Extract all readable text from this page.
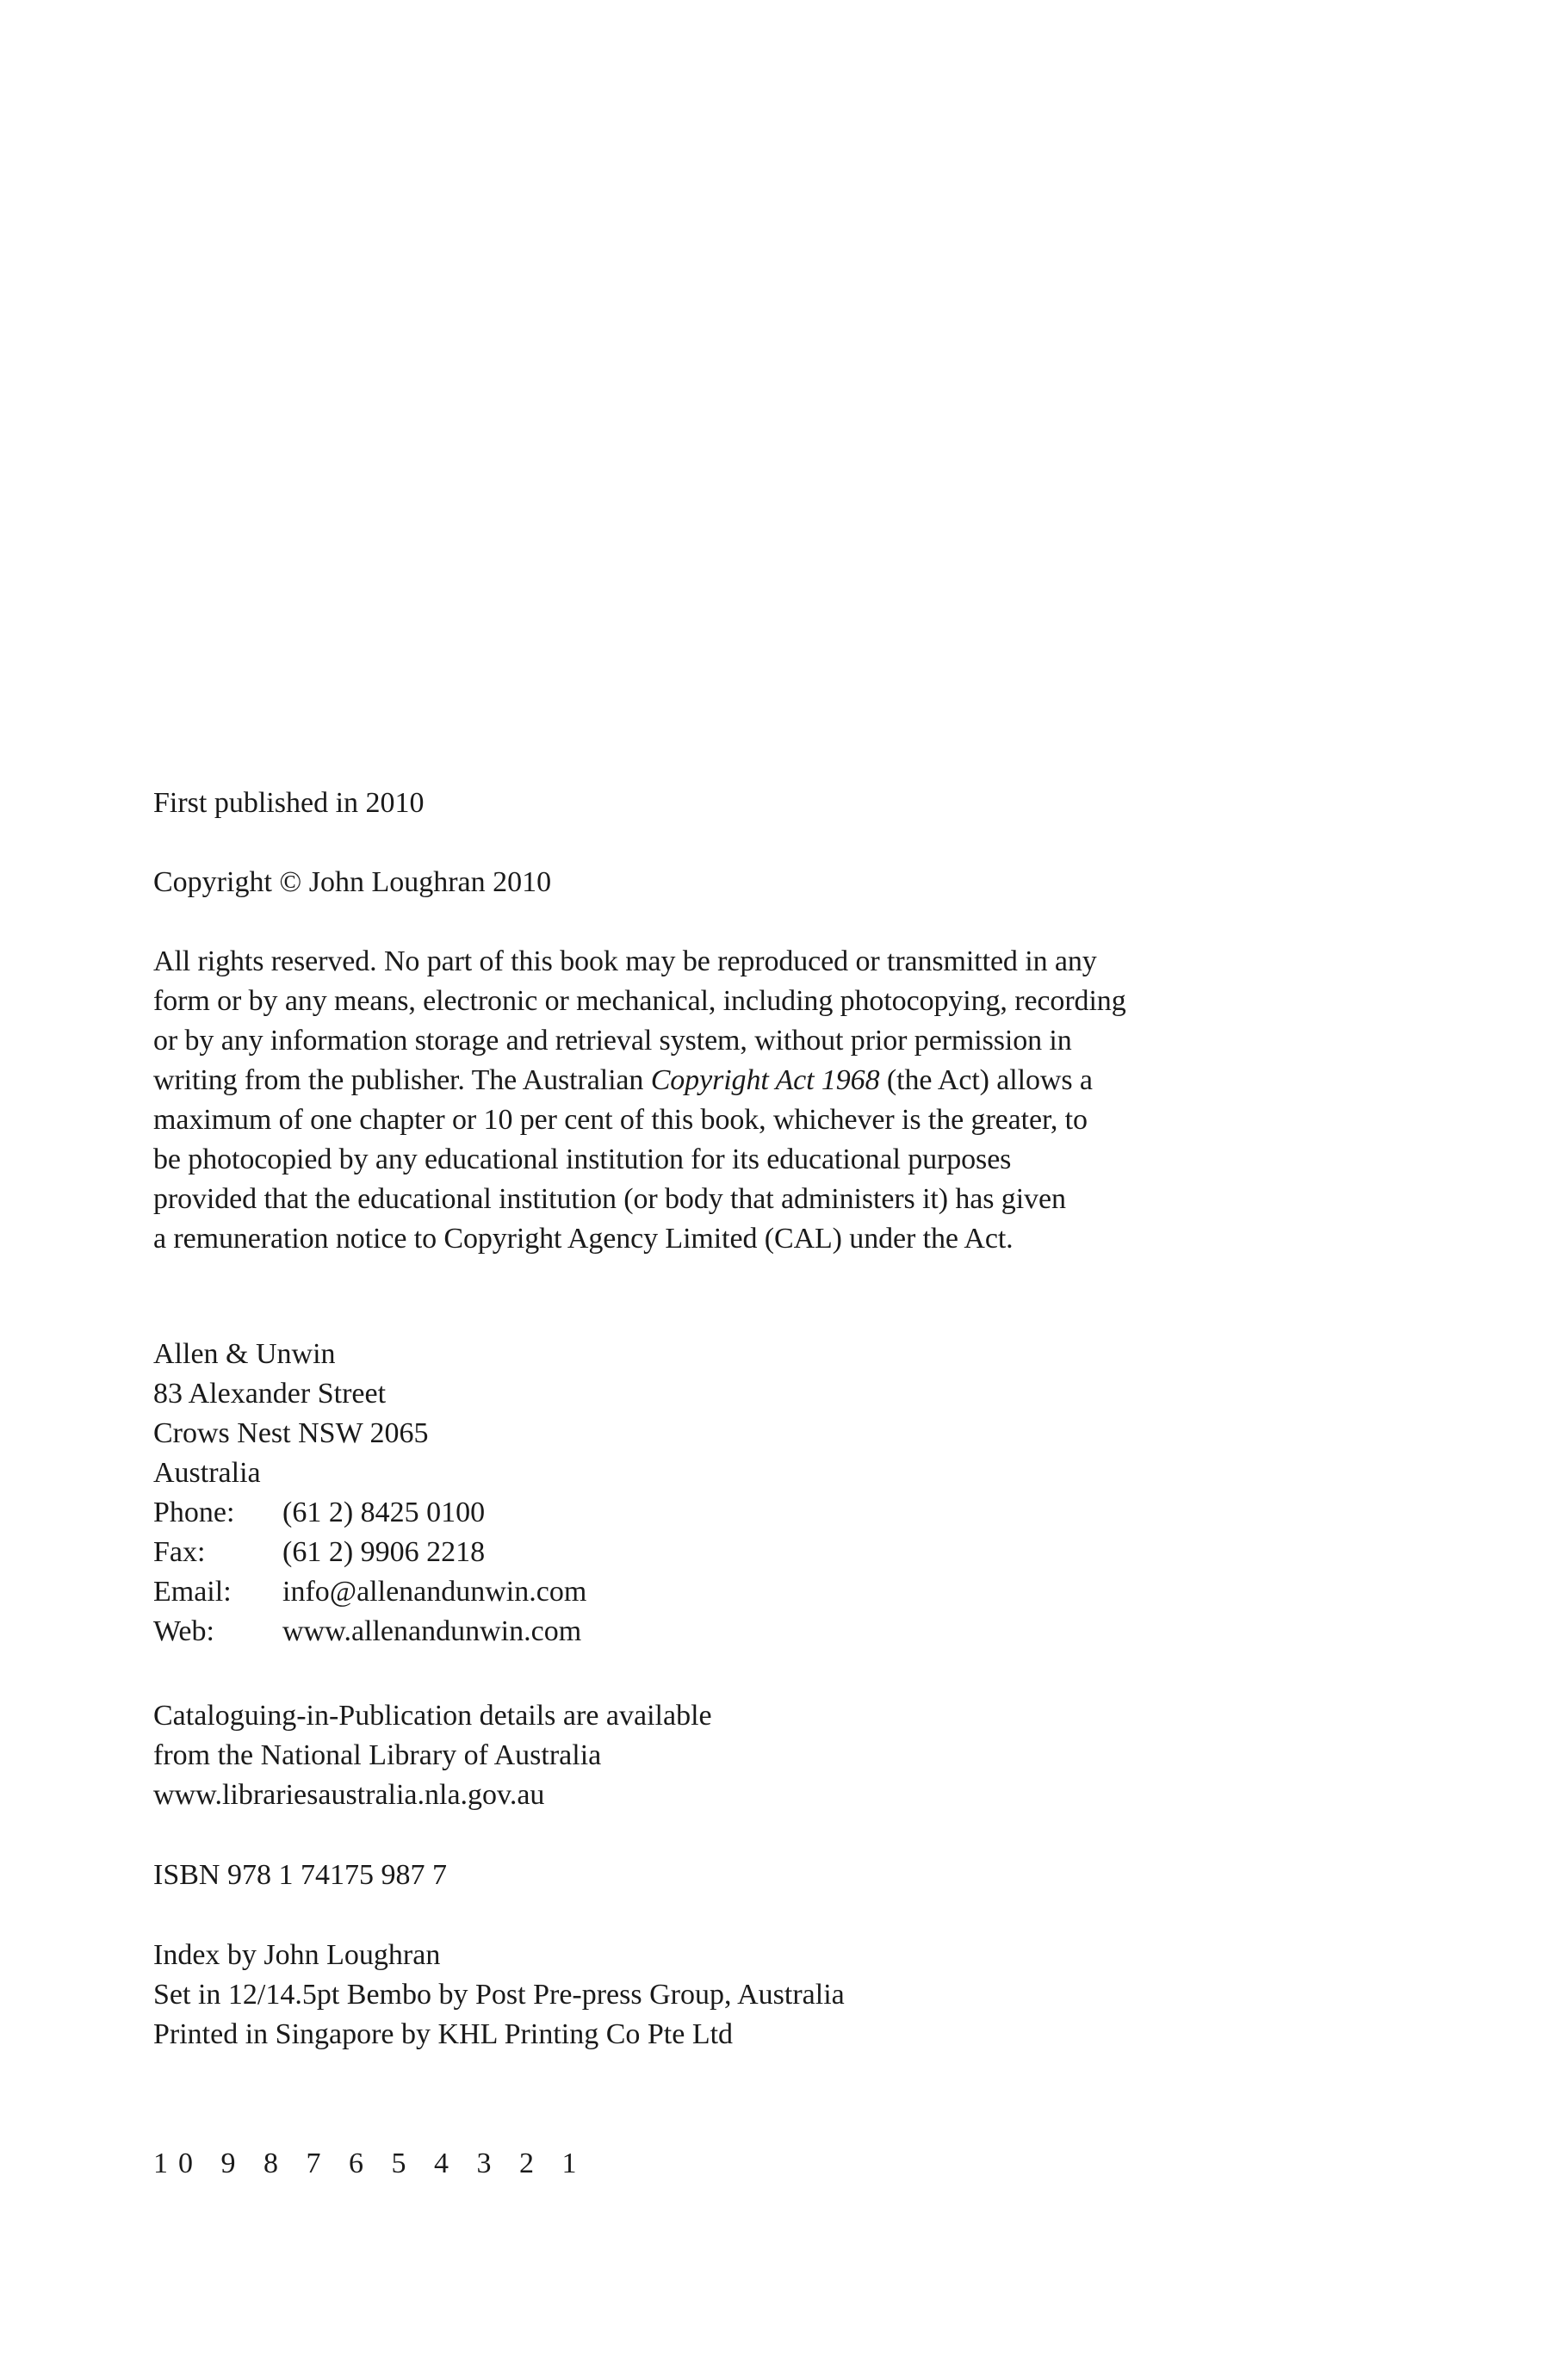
First published in 2010

Copyright © John Loughran 2010

All rights reserved. No part of this book may be reproduced or transmitted in any
form or by any means, electronic or mechanical, including photocopying, recording
or by any information storage and retrieval system, without prior permission in
writing from the publisher. The Australian Copyright Act 1968 (the Act) allows a
maximum of one chapter or 10 per cent of this book, whichever is the greater, to
be photocopied by any educational institution for its educational purposes
provided that the educational institution (or body that administers it) has given
a remuneration notice to Copyright Agency Limited (CAL) under the Act.
Allen & Unwin
83 Alexander Street
Crows Nest NSW 2065
Australia
Phone: (61 2) 8425 0100
Fax:	(61 2) 9906 2218
Email: info@allenandunwin.com
Web: www.allenandunwin.com
Cataloguing-in-Publication details are available
from the National Library of Australia
www.librariesaustralia.nla.gov.au

ISBN 978 1 74175 987 7

Index by John Loughran
Set in 12/14.5pt Bembo by Post Pre-press Group, Australia
Printed in Singapore by KHL Printing Co Pte Ltd

10 9 8 7 6 5 4 3 2 1
